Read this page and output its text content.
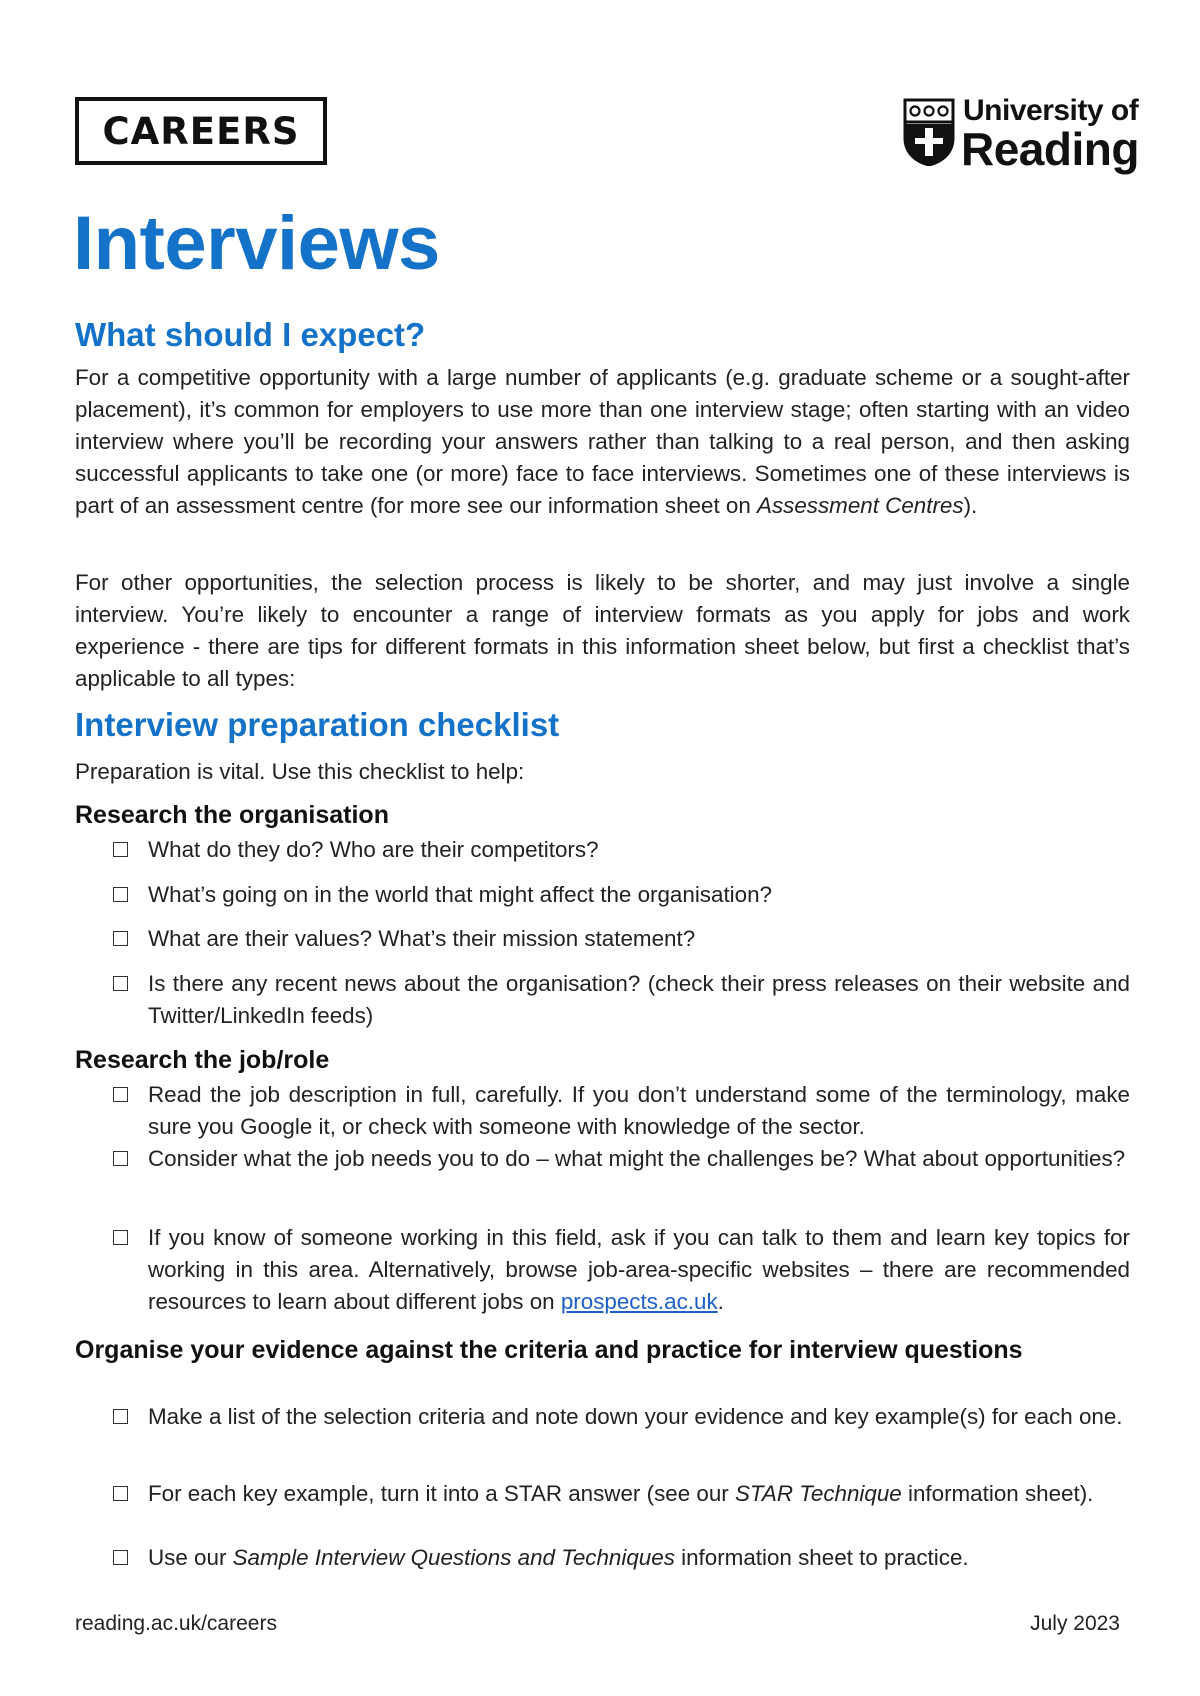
CAREERS	University of
Reading
Interviews
What should I expect?
For a competitive opportunity with a large number of applicants (e.g. graduate scheme or a sought-after placement), it’s common for employers to use more than one interview stage; often starting with an video interview where you’ll be recording your answers rather than talking to a real person, and then asking successful applicants to take one (or more) face to face interviews. Sometimes one of these interviews is part of an assessment centre (for more see our information sheet on Assessment Centres).
For other opportunities, the selection process is likely to be shorter, and may just involve a single interview. You’re likely to encounter a range of interview formats as you apply for jobs and work experience - there are tips for different formats in this information sheet below, but first a checklist that’s applicable to all types:
Interview preparation checklist
Preparation is vital. Use this checklist to help:
Research the organisation
What do they do? Who are their competitors?
What’s going on in the world that might affect the organisation?
What are their values? What’s their mission statement?
Is there any recent news about the organisation? (check their press releases on their website and Twitter/LinkedIn feeds)
Research the job/role
Read the job description in full, carefully. If you don’t understand some of the terminology, make sure you Google it, or check with someone with knowledge of the sector.
Consider what the job needs you to do – what might the challenges be? What about opportunities?
If you know of someone working in this field, ask if you can talk to them and learn key topics for working in this area. Alternatively, browse job-area-specific websites – there are recommended resources to learn about different jobs on prospects.ac.uk.
Organise your evidence against the criteria and practice for interview questions
Make a list of the selection criteria and note down your evidence and key example(s) for each one.
For each key example, turn it into a STAR answer (see our STAR Technique information sheet).
Use our Sample Interview Questions and Techniques information sheet to practice.
reading.ac.uk/careers	July 2023
